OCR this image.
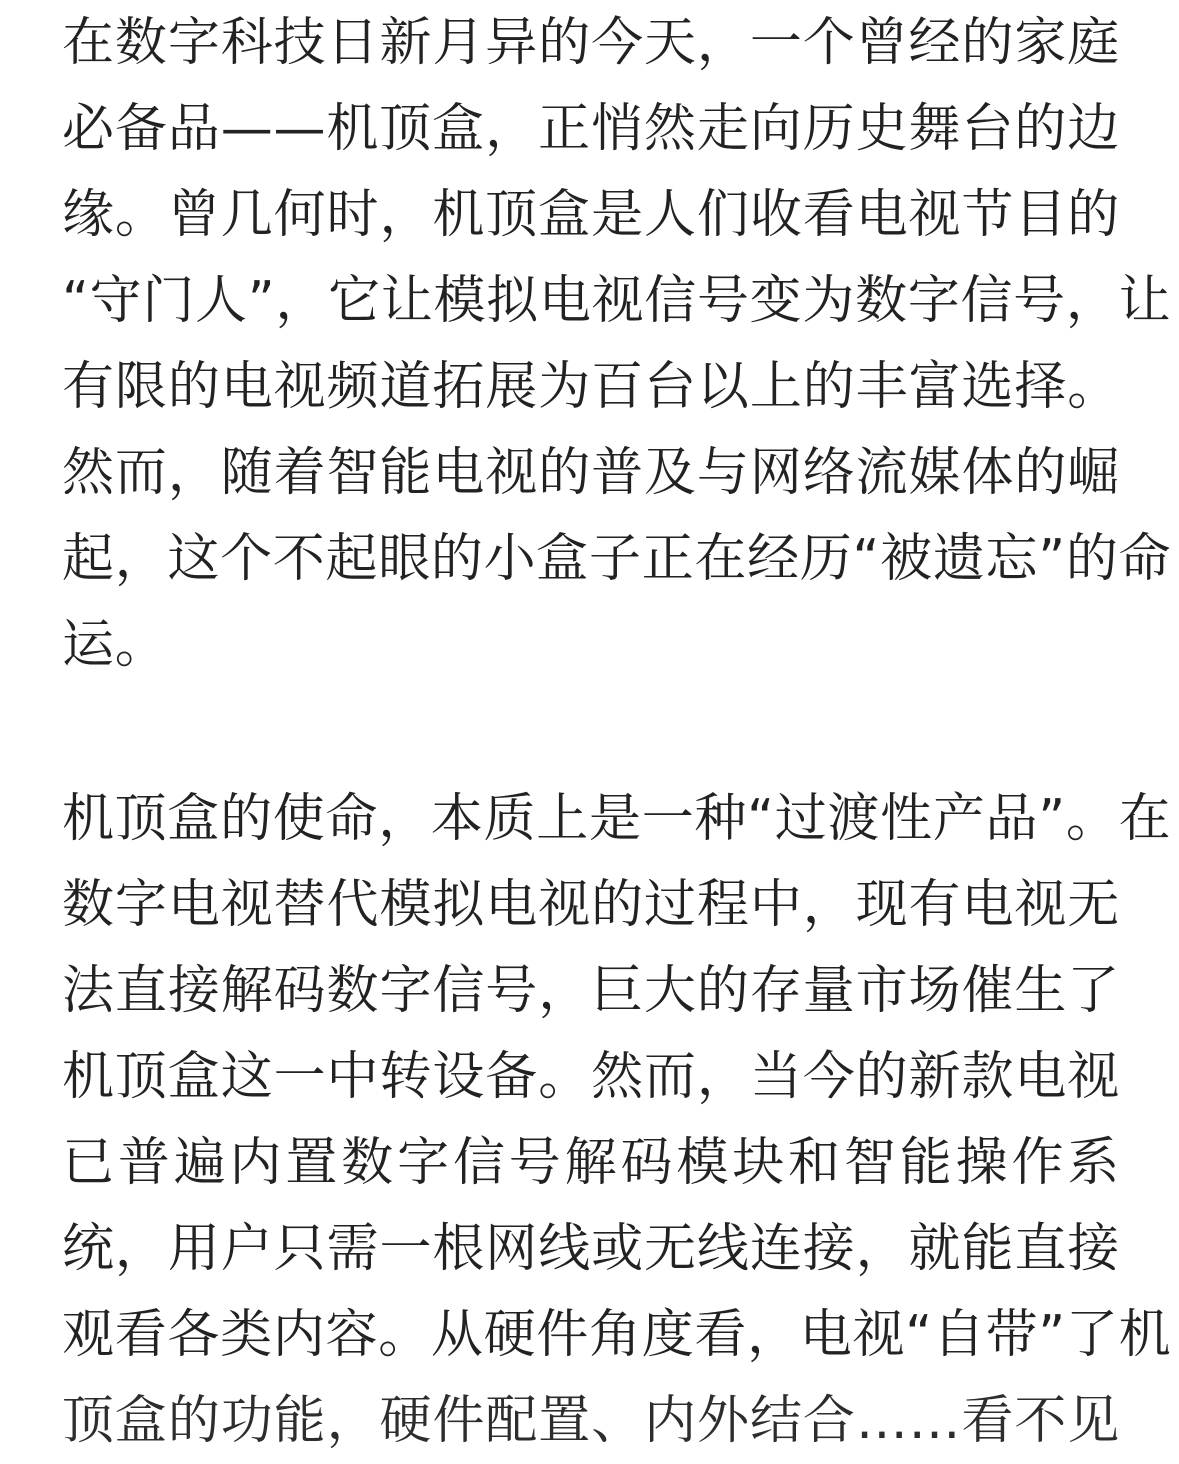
在数字科技日新月异的今天，一个曾经的家庭
必备品——机顶盒，正悄然走向历史舞台的边
缘。曾几何时，机顶盒是人们收看电视节目的
“守门人”，它让模拟电视信号变为数字信号，让
有限的电视频道拓展为百台以上的丰富选择。
然而，随着智能电视的普及与网络流媒体的崛
起，这个不起眼的小盒子正在经历“被遗忘”的命
运。
机顶盒的使命，本质上是一种“过渡性产品”。在
数字电视替代模拟电视的过程中，现有电视无
法直接解码数字信号，巨大的存量市场催生了
机顶盒这一中转设备。然而，当今的新款电视
已普遍内置数字信号解码模块和智能操作系
统，用户只需一根网线或无线连接，就能直接
观看各类内容。从硬件角度看，电视“自带”了机
顶盒的功能，硬件配置、内外结合……看不见
